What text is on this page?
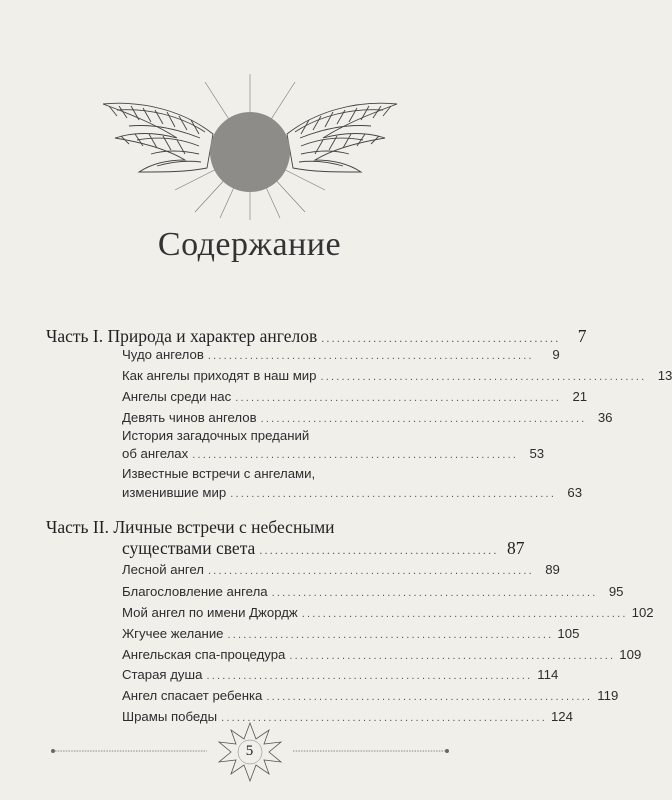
Содержание
Часть I. Природа и характер ангелов .............................................. 7
Чудо ангелов ..............................................................	9
Как ангелы приходят в наш мир .............................................................. 13
Ангелы среди нас .............................................................. 21
Девять чинов ангелов .............................................................. 36
История загадочных преданий
об ангелах .............................................................. 53
Известные встречи с ангелами,
изменившие мир .............................................................. 63
Часть II. Личные встречи с небесными
существами света .............................................. 87
Лесной ангел .............................................................. 89
Благословление ангела .............................................................. 95
Мой ангел по имени Джордж .............................................................. 102
Жгучее желание .............................................................. 105
Ангельская спа-процедура .............................................................. 109
Старая душа .............................................................. 114
Ангел спасает ребенка .............................................................. 119
Шрамы победы .............................................................. 124
5
